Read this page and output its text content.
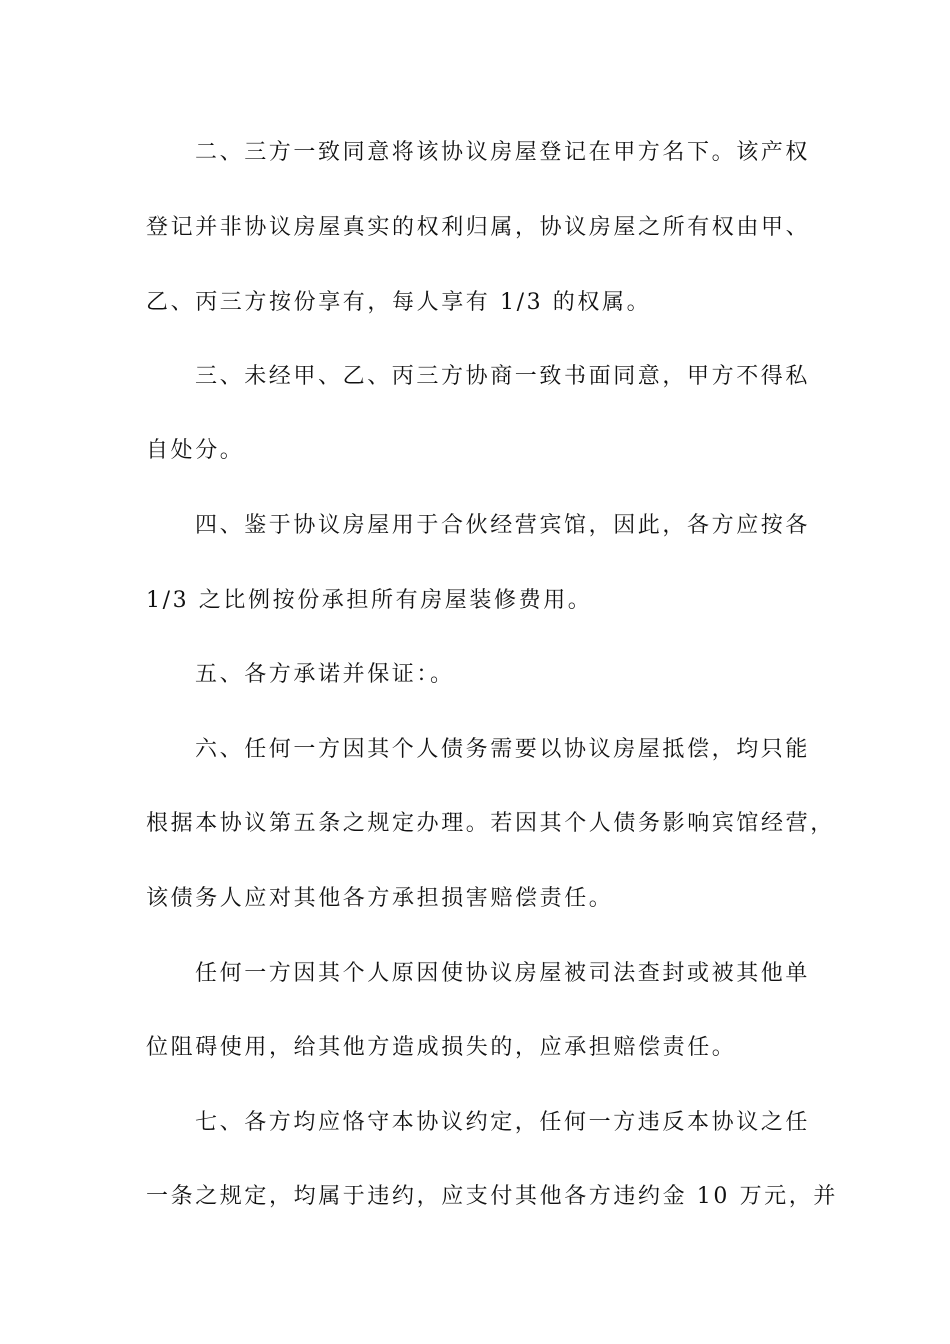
二、三方一致同意将该协议房屋登记在甲方名下。该产权
登记并非协议房屋真实的权利归属，协议房屋之所有权由甲、
乙、丙三方按份享有，每人享有 1/3 的权属。
三、未经甲、乙、丙三方协商一致书面同意，甲方不得私
自处分。
四、鉴于协议房屋用于合伙经营宾馆，因此，各方应按各
1/3 之比例按份承担所有房屋装修费用。
五、各方承诺并保证：。
六、任何一方因其个人债务需要以协议房屋抵偿，均只能
根据本协议第五条之规定办理。若因其个人债务影响宾馆经营，
该债务人应对其他各方承担损害赔偿责任。
任何一方因其个人原因使协议房屋被司法查封或被其他单
位阻碍使用，给其他方造成损失的，应承担赔偿责任。
七、各方均应恪守本协议约定，任何一方违反本协议之任
一条之规定，均属于违约，应支付其他各方违约金 10 万元，并
